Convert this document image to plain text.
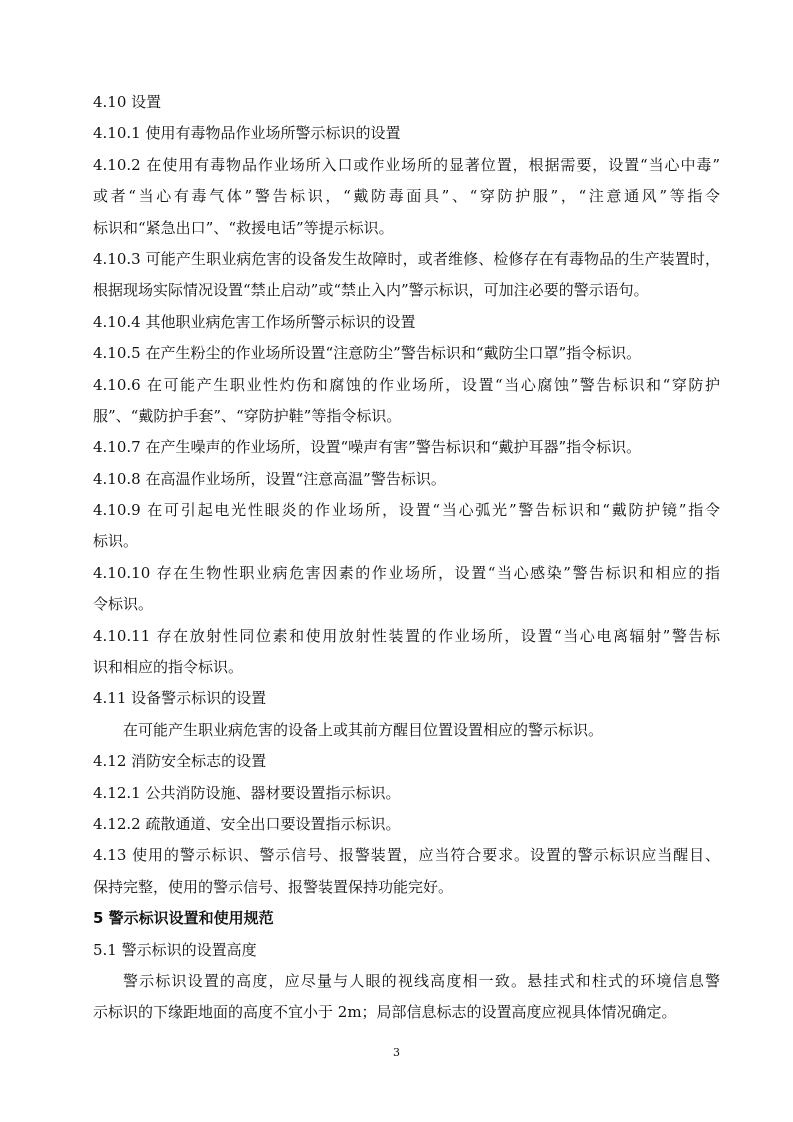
4.10 设置
4.10.1 使用有毒物品作业场所警示标识的设置
4.10.2 在使用有毒物品作业场所入口或作业场所的显著位置，根据需要，设置“当心中毒”
或者“当心有毒气体”警告标识，“戴防毒面具”、“穿防护服”，“注意通风”等指令
标识和“紧急出口”、“救援电话”等提示标识。
4.10.3 可能产生职业病危害的设备发生故障时，或者维修、检修存在有毒物品的生产装置时，
根据现场实际情况设置“禁止启动”或“禁止入内”警示标识，可加注必要的警示语句。
4.10.4 其他职业病危害工作场所警示标识的设置
4.10.5 在产生粉尘的作业场所设置“注意防尘”警告标识和“戴防尘口罩”指令标识。
4.10.6 在可能产生职业性灼伤和腐蚀的作业场所，设置“当心腐蚀”警告标识和“穿防护
服”、“戴防护手套”、“穿防护鞋”等指令标识。
4.10.7 在产生噪声的作业场所，设置“噪声有害”警告标识和“戴护耳器”指令标识。
4.10.8 在高温作业场所，设置“注意高温”警告标识。
4.10.9 在可引起电光性眼炎的作业场所，设置“当心弧光”警告标识和“戴防护镜”指令
标识。
4.10.10 存在生物性职业病危害因素的作业场所，设置“当心感染”警告标识和相应的指
令标识。
4.10.11 存在放射性同位素和使用放射性装置的作业场所，设置“当心电离辐射”警告标
识和相应的指令标识。
4.11 设备警示标识的设置
在可能产生职业病危害的设备上或其前方醒目位置设置相应的警示标识。
4.12 消防安全标志的设置
4.12.1 公共消防设施、器材要设置指示标识。
4.12.2 疏散通道、安全出口要设置指示标识。
4.13 使用的警示标识、警示信号、报警装置，应当符合要求。设置的警示标识应当醒目、
保持完整，使用的警示信号、报警装置保持功能完好。
5 警示标识设置和使用规范
5.1 警示标识的设置高度
警示标识设置的高度，应尽量与人眼的视线高度相一致。悬挂式和柱式的环境信息警
示标识的下缘距地面的高度不宜小于 2m；局部信息标志的设置高度应视具体情况确定。
3
